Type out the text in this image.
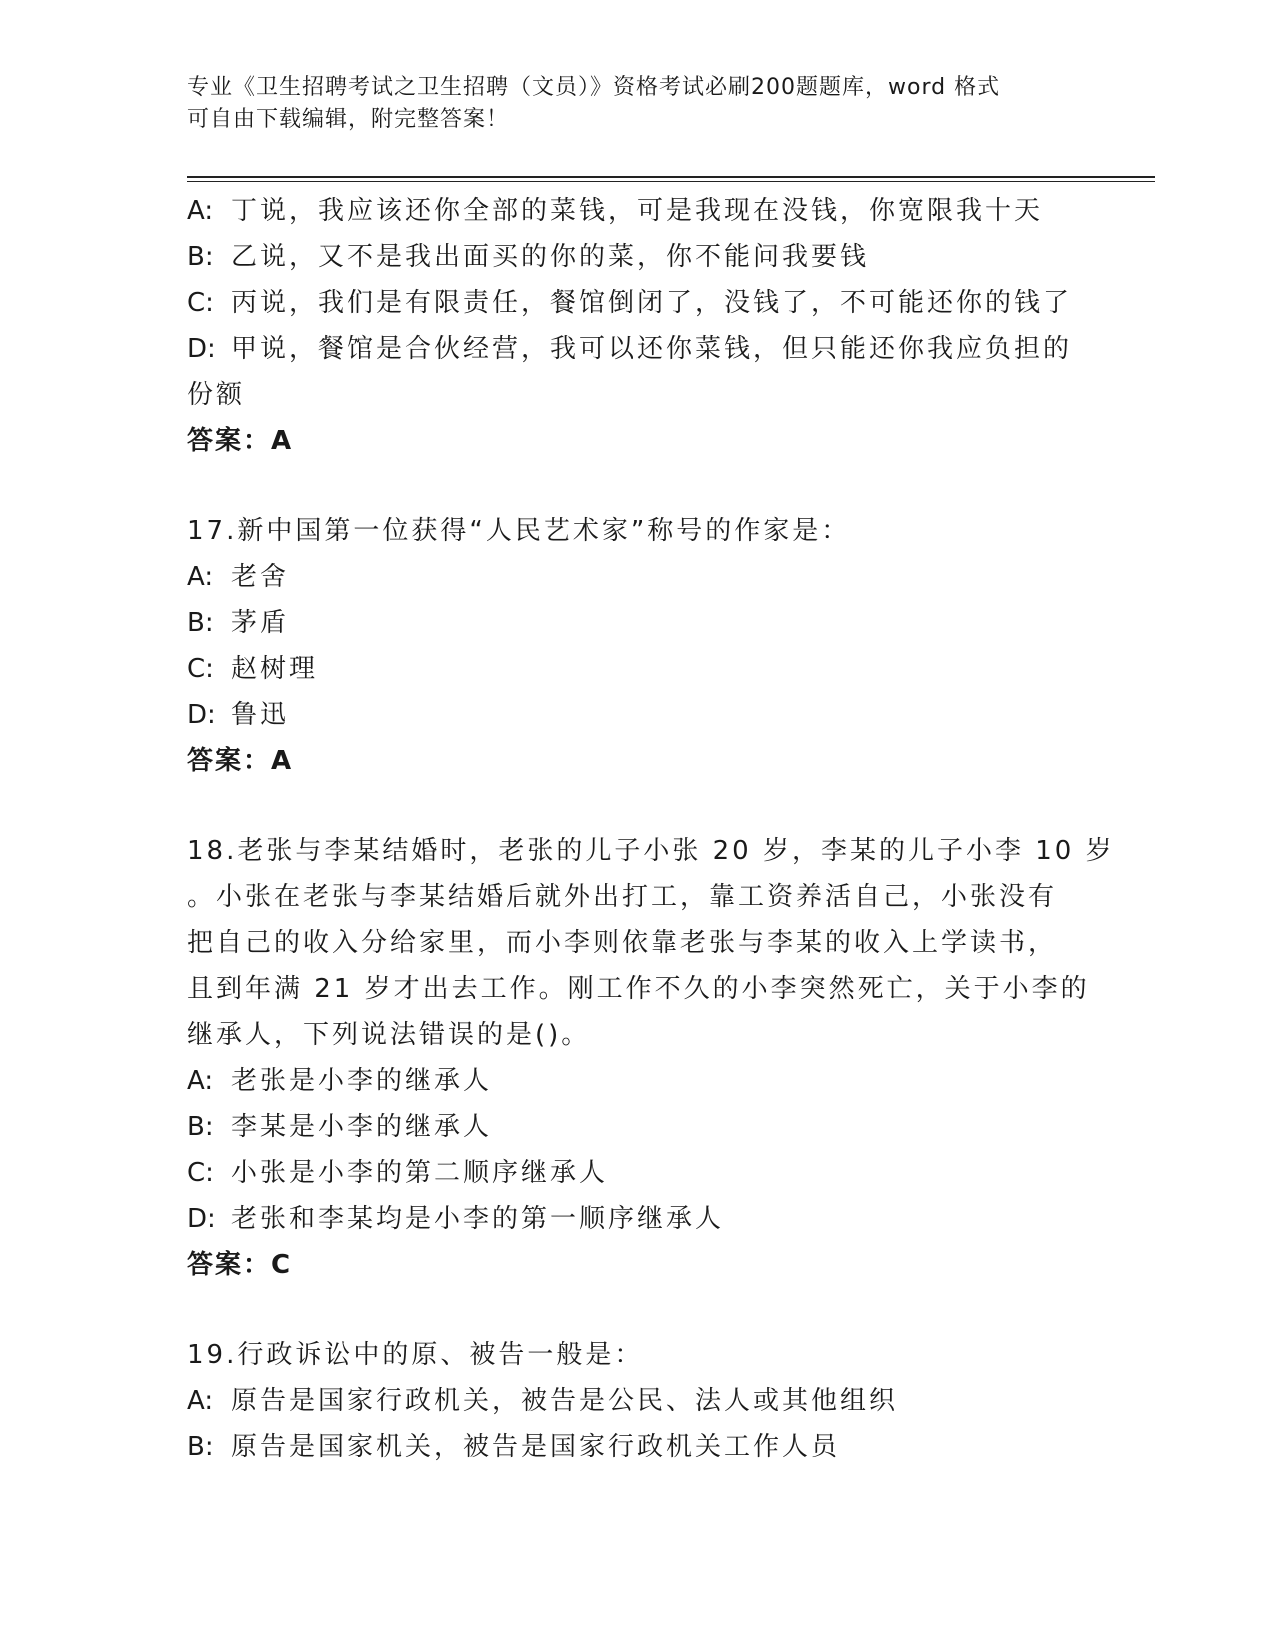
专业《卫生招聘考试之卫生招聘（文员）》资格考试必刷200题题库，word 格式
可自由下载编辑，附完整答案！
A: 丁说，我应该还你全部的菜钱，可是我现在没钱，你宽限我十天
B: 乙说，又不是我出面买的你的菜，你不能问我要钱
C: 丙说，我们是有限责任，餐馆倒闭了，没钱了，不可能还你的钱了
D: 甲说，餐馆是合伙经营，我可以还你菜钱，但只能还你我应负担的
份额
答案：A
17.新中国第一位获得“人民艺术家”称号的作家是：
A: 老舍
B: 茅盾
C: 赵树理
D: 鲁迅
答案：A
18.老张与李某结婚时，老张的儿子小张 20 岁，李某的儿子小李 10 岁
。小张在老张与李某结婚后就外出打工，靠工资养活自己，小张没有
把自己的收入分给家里，而小李则依靠老张与李某的收入上学读书，
且到年满 21 岁才出去工作。刚工作不久的小李突然死亡，关于小李的
继承人，下列说法错误的是()。
A: 老张是小李的继承人
B: 李某是小李的继承人
C: 小张是小李的第二顺序继承人
D: 老张和李某均是小李的第一顺序继承人
答案：C
19.行政诉讼中的原、被告一般是：
A: 原告是国家行政机关，被告是公民、法人或其他组织
B: 原告是国家机关，被告是国家行政机关工作人员
